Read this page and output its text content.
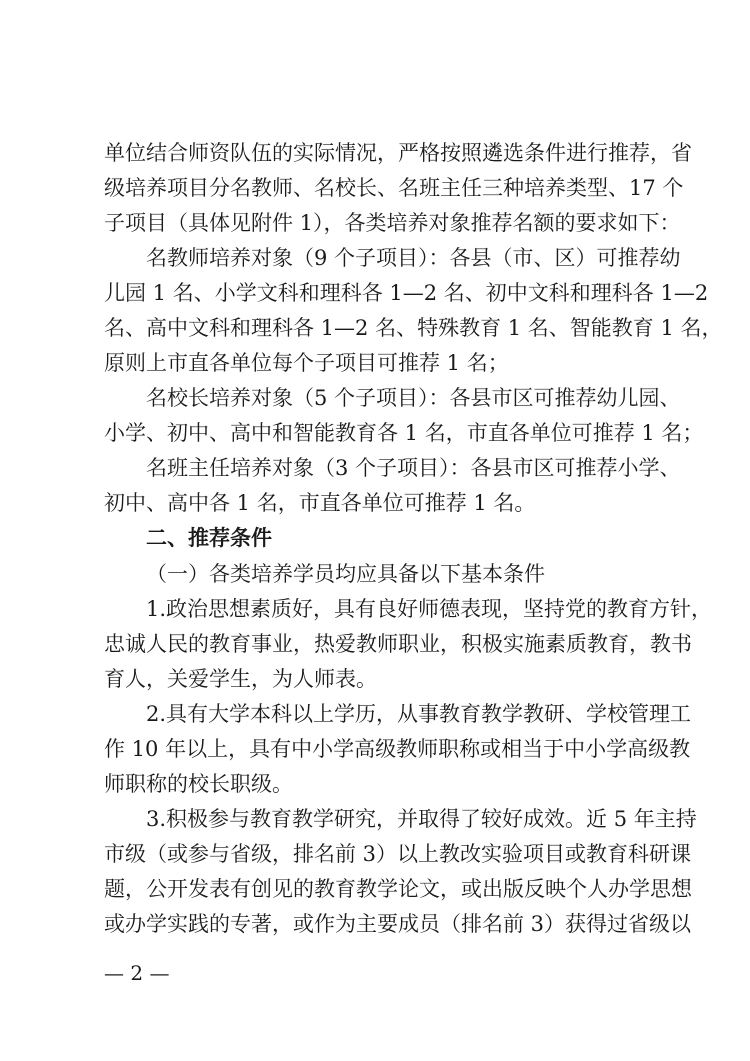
单位结合师资队伍的实际情况，严格按照遴选条件进行推荐，省
级培养项目分名教师、名校长、名班主任三种培养类型、17 个
子项目（具体见附件 1），各类培养对象推荐名额的要求如下：
名教师培养对象（9 个子项目）：各县（市、区）可推荐幼
儿园 1 名、小学文科和理科各 1—2 名、初中文科和理科各 1—2
名、高中文科和理科各 1—2 名、特殊教育 1 名、智能教育 1 名，
原则上市直各单位每个子项目可推荐 1 名；
名校长培养对象（5 个子项目）：各县市区可推荐幼儿园、
小学、初中、高中和智能教育各 1 名，市直各单位可推荐 1 名；
名班主任培养对象（3 个子项目）：各县市区可推荐小学、
初中、高中各 1 名，市直各单位可推荐 1 名。
二、推荐条件
（一）各类培养学员均应具备以下基本条件
1.政治思想素质好，具有良好师德表现，坚持党的教育方针，
忠诚人民的教育事业，热爱教师职业，积极实施素质教育，教书
育人，关爱学生，为人师表。
2.具有大学本科以上学历，从事教育教学教研、学校管理工
作 10 年以上，具有中小学高级教师职称或相当于中小学高级教
师职称的校长职级。
3.积极参与教育教学研究，并取得了较好成效。近 5 年主持
市级（或参与省级，排名前 3）以上教改实验项目或教育科研课
题，公开发表有创见的教育教学论文，或出版反映个人办学思想
或办学实践的专著，或作为主要成员（排名前 3）获得过省级以
— 2 —
